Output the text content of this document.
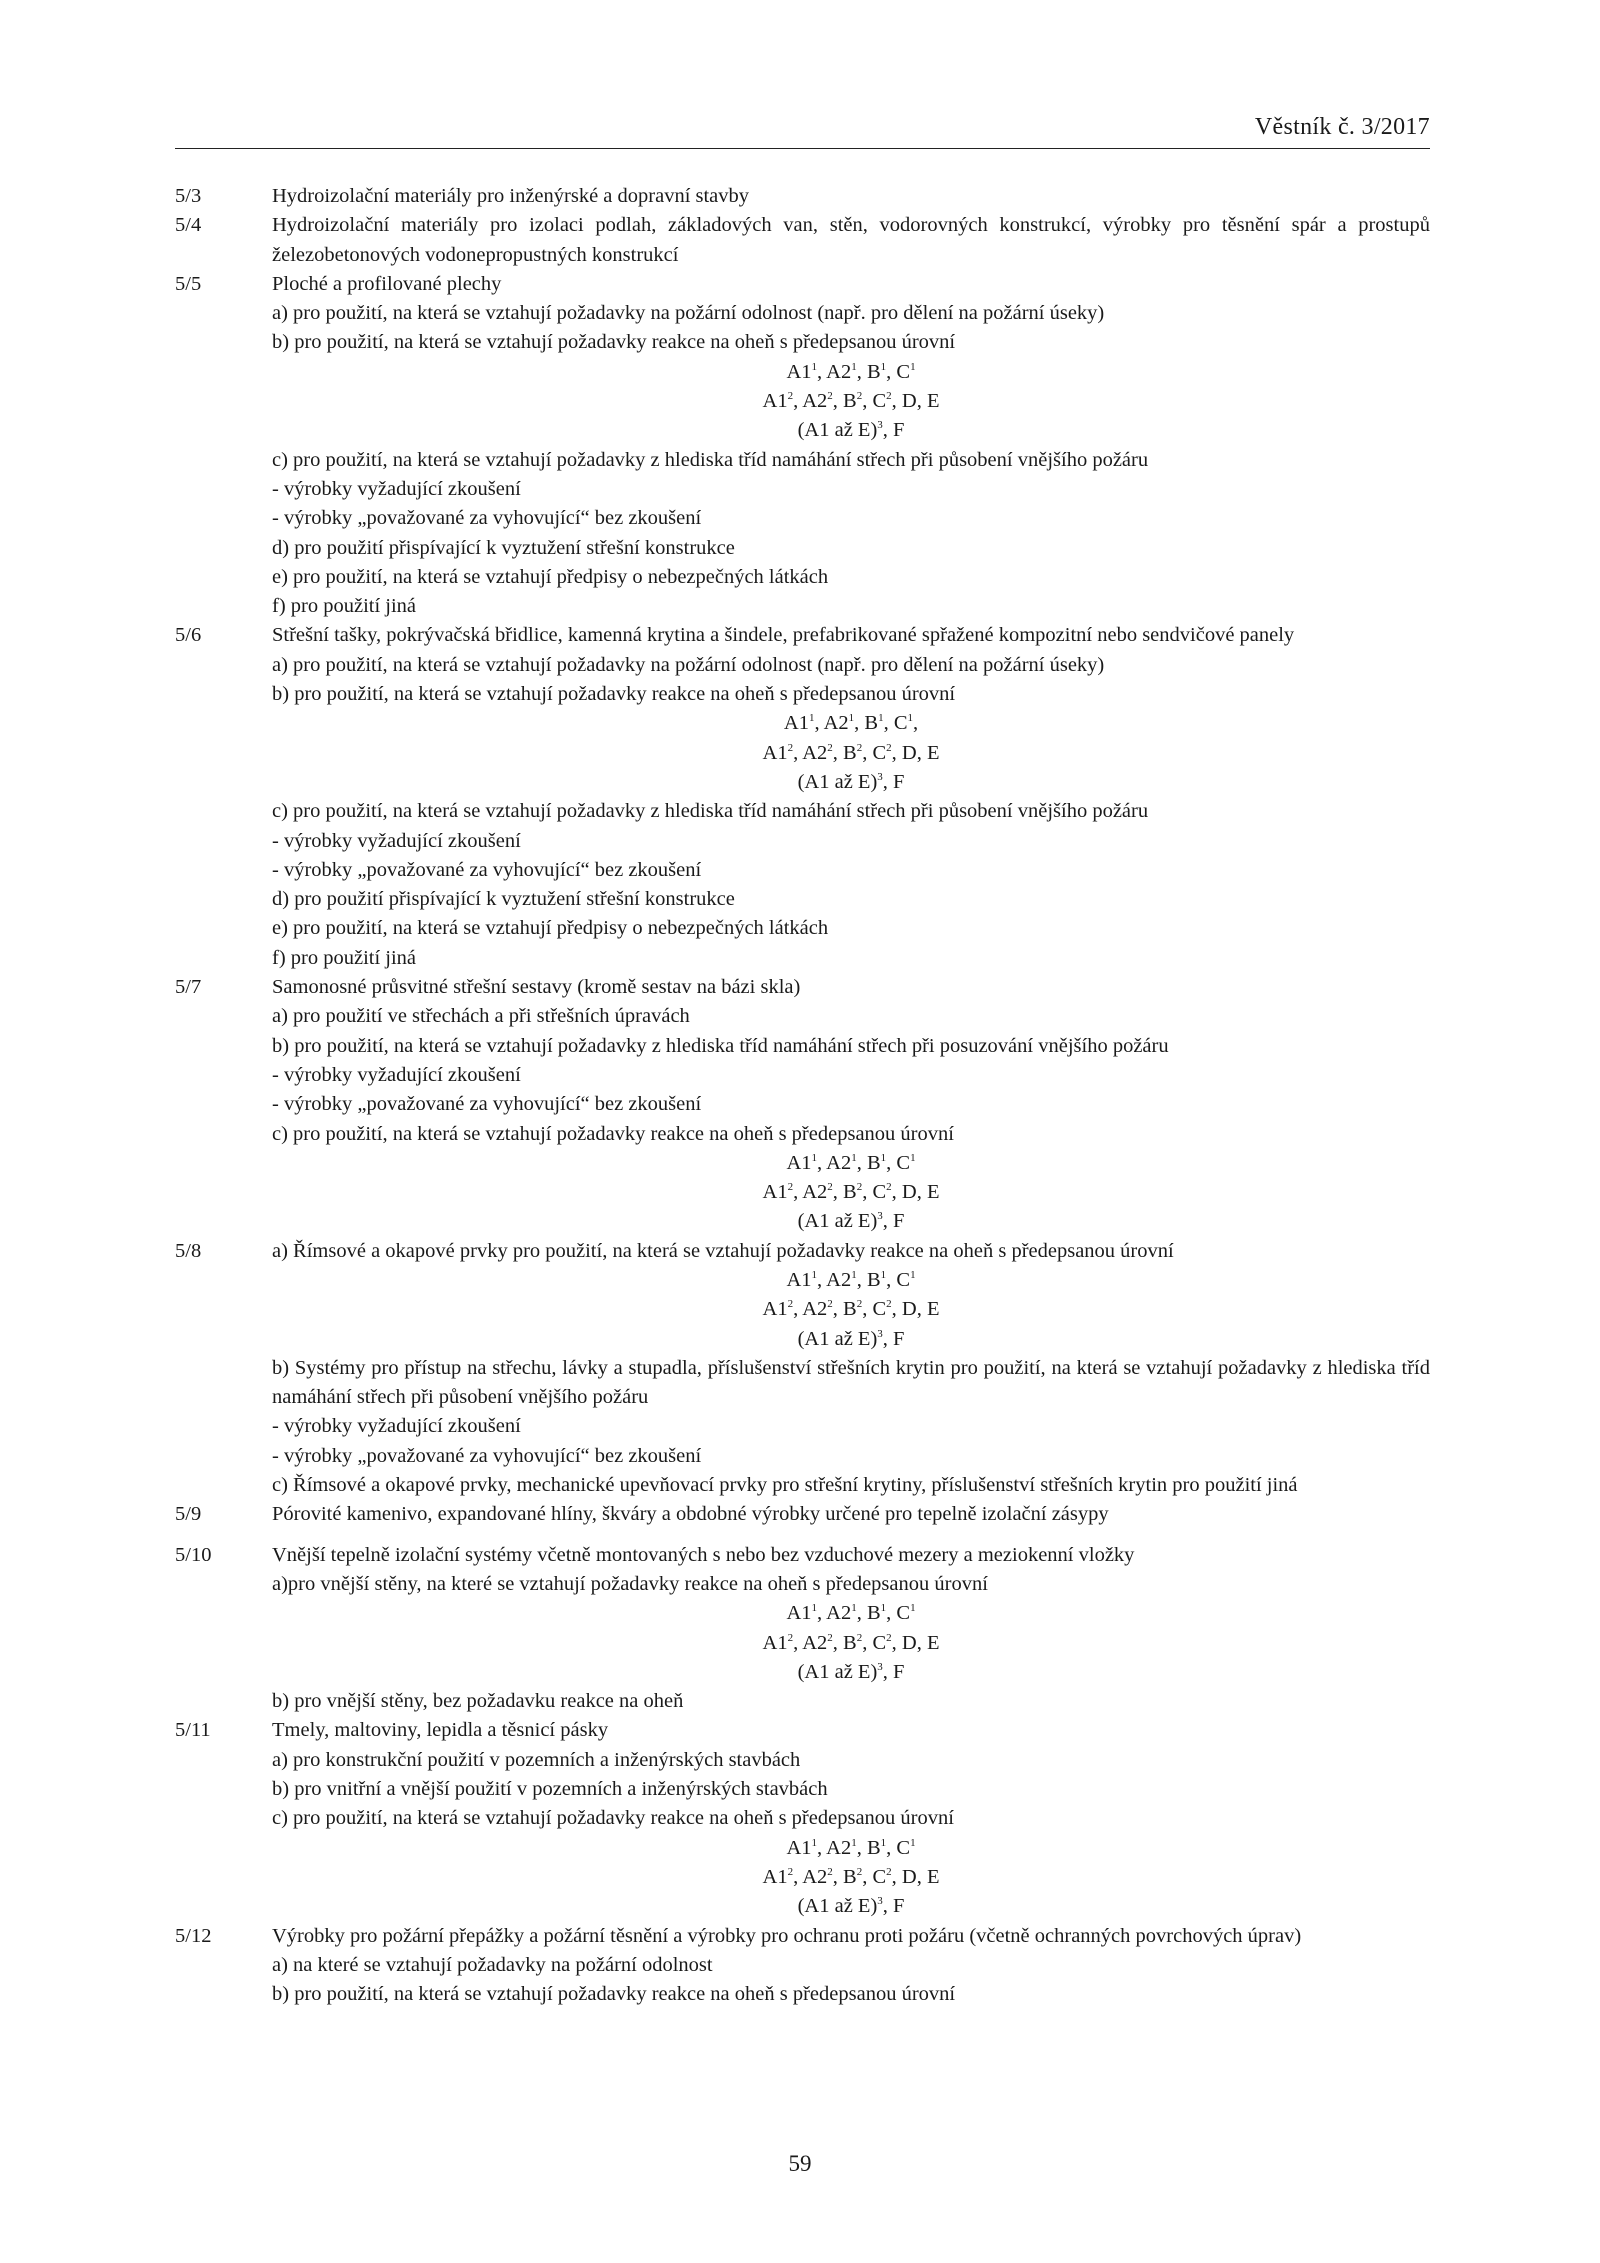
Věstník č. 3/2017
5/3	Hydroizolační materiály pro inženýrské a dopravní stavby
5/4	Hydroizolační materiály pro izolaci podlah, základových van, stěn, vodorovných konstrukcí, výrobky pro těsnění spár a prostupů železobetonových vodonepropustných konstrukcí
5/5	Ploché a profilované plechy
a) pro použití, na která se vztahují požadavky na požární odolnost (např. pro dělení na požární úseky)
b) pro použití, na která se vztahují požadavky reakce na oheň s předepsanou úrovní
$A1^1$, $A2^1$, $B^1$, $C^1$
$A1^2$, $A2^2$, $B^2$, $C^2$, D, E
(A1 až E)$^3$, F
c) pro použití, na která se vztahují požadavky z hlediska tříd namáhání střech při působení vnějšího požáru
- výrobky vyžadující zkoušení
- výrobky „považované za vyhovující“ bez zkoušení
d) pro použití přispívající k vyztužení střešní konstrukce
e) pro použití, na která se vztahují předpisy o nebezpečných látkách
f) pro použití jiná
5/6	Střešní tašky, pokrývačská břidlice, kamenná krytina a šindele, prefabrikované spřažené kompozitní nebo sendvičové panely
a) pro použití, na která se vztahují požadavky na požární odolnost (např. pro dělení na požární úseky)
b) pro použití, na která se vztahují požadavky reakce na oheň s předepsanou úrovní
$A1^1$, $A2^1$, $B^1$, $C^1$,
$A1^2$, $A2^2$, $B^2$, $C^2$, D, E
(A1 až E)$^3$, F
c) pro použití, na která se vztahují požadavky z hlediska tříd namáhání střech při působení vnějšího požáru
- výrobky vyžadující zkoušení
- výrobky „považované za vyhovující“ bez zkoušení
d) pro použití přispívající k vyztužení střešní konstrukce
e) pro použití, na která se vztahují předpisy o nebezpečných látkách
f) pro použití jiná
5/7	Samonosné průsvitné střešní sestavy (kromě sestav na bázi skla)
a) pro použití ve střechách a při střešních úpravách
b) pro použití, na která se vztahují požadavky z hlediska tříd namáhání střech při posuzování vnějšího požáru
- výrobky vyžadující zkoušení
- výrobky „považované za vyhovující“ bez zkoušení
c) pro použití, na která se vztahují požadavky reakce na oheň s předepsanou úrovní
$A1^1$, $A2^1$, $B^1$, $C^1$
$A1^2$, $A2^2$, $B^2$, $C^2$, D, E
(A1 až E)$^3$, F
5/8	a) Římsové a okapové prvky pro použití, na která se vztahují požadavky reakce na oheň s předepsanou úrovní
$A1^1$, $A2^1$, $B^1$, $C^1$
$A1^2$, $A2^2$, $B^2$, $C^2$, D, E
(A1 až E)$^3$, F
b) Systémy pro přístup na střechu, lávky a stupadla, příslušenství střešních krytin pro použití, na která se vztahují požadavky z hlediska tříd namáhání střech při působení vnějšího požáru
- výrobky vyžadující zkoušení
- výrobky „považované za vyhovující“ bez zkoušení
c) Římsové a okapové prvky, mechanické upevňovací prvky pro střešní krytiny, příslušenství střešních krytin pro použití jiná
5/9	Pórovité kamenivo, expandované hlíny, škváry a obdobné výrobky určené pro tepelně izolační zásypy
5/10	Vnější tepelně izolační systémy včetně montovaných s nebo bez vzduchové mezery a meziokenní vložky
a)pro vnější stěny, na které se vztahují požadavky reakce na oheň s předepsanou úrovní
$A1^1$, $A2^1$, $B^1$, $C^1$
$A1^2$, $A2^2$, $B^2$, $C^2$, D, E
(A1 až E)$^3$, F
b) pro vnější stěny, bez požadavku reakce na oheň
5/11	Tmely, maltoviny, lepidla a těsnicí pásky
a) pro konstrukční použití v pozemních a inženýrských stavbách
b) pro vnitřní a vnější použití v pozemních a inženýrských stavbách
c) pro použití, na která se vztahují požadavky reakce na oheň s předepsanou úrovní
$A1^1$, $A2^1$, $B^1$, $C^1$
$A1^2$, $A2^2$, $B^2$, $C^2$, D, E
(A1 až E)$^3$, F
5/12	Výrobky pro požární přepážky a požární těsnění a výrobky pro ochranu proti požáru (včetně ochranných povrchových úprav)
a) na které se vztahují požadavky na požární odolnost
b) pro použití, na která se vztahují požadavky reakce na oheň s předepsanou úrovní
59
